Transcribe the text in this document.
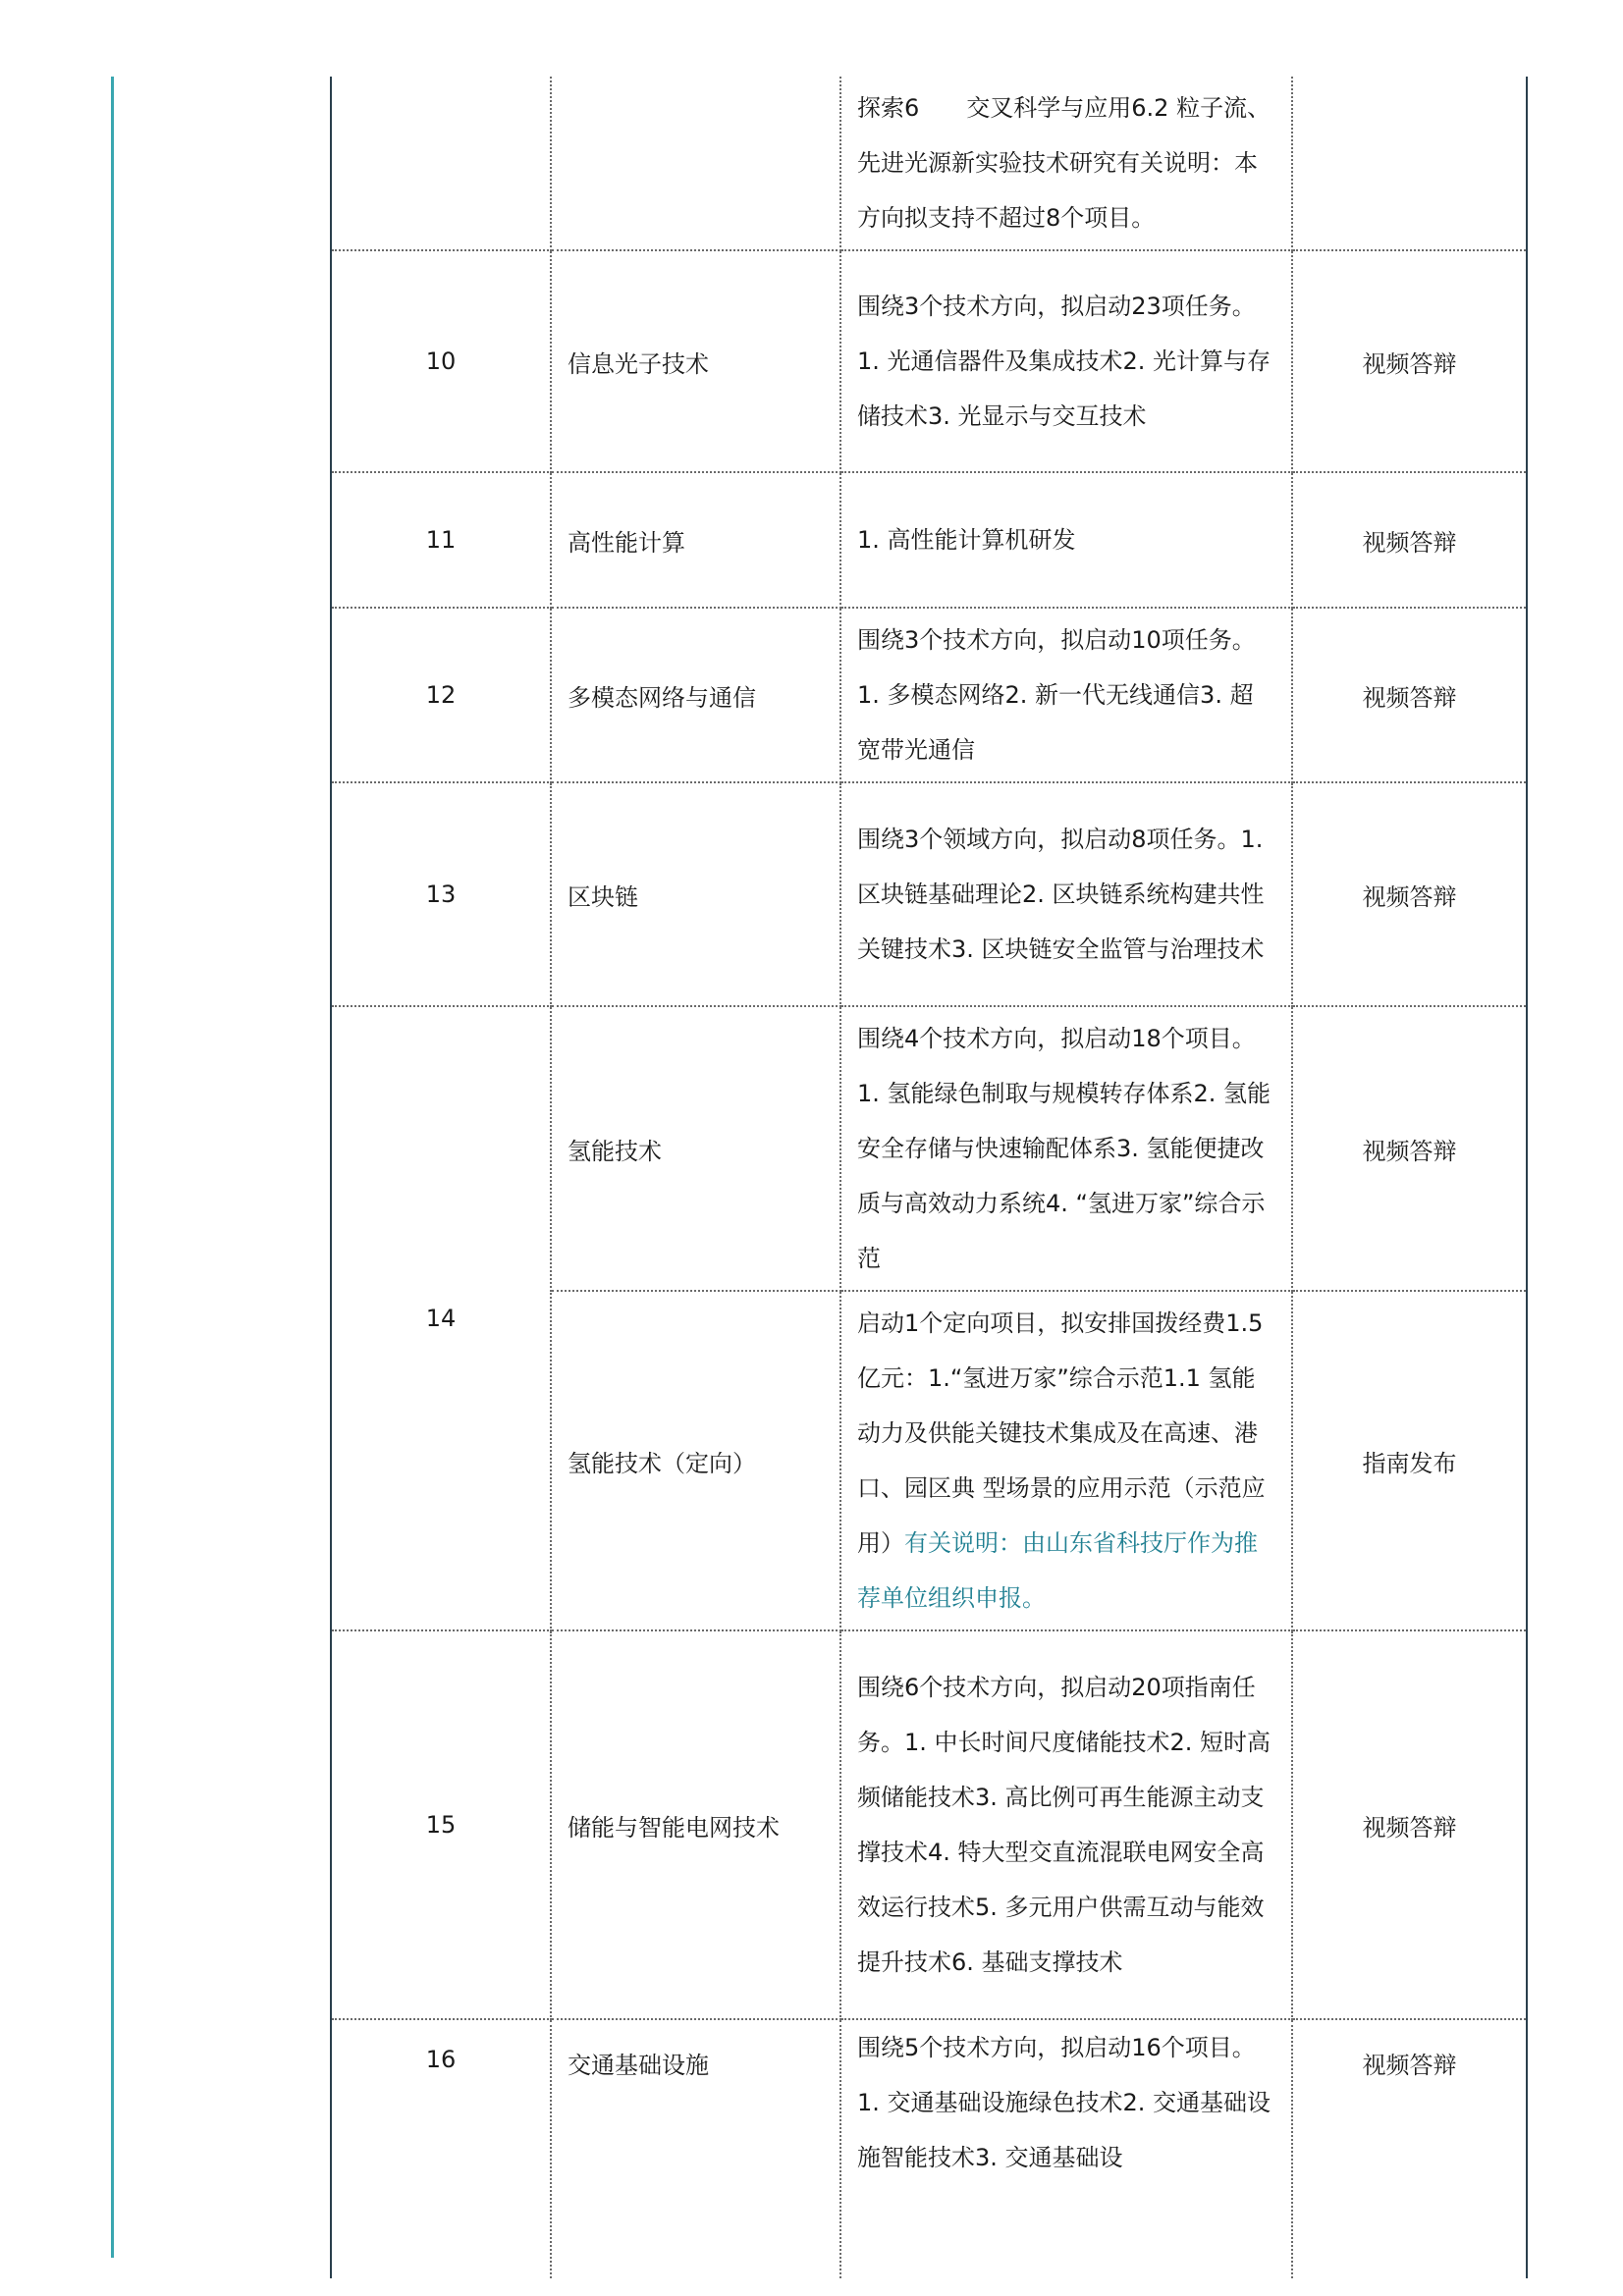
		探索6　　交叉科学与应用6.2 粒子流、先进光源新实验技术研究有关说明：本方向拟支持不超过8个项目。	
10	信息光子技术	围绕3个技术方向，拟启动23项任务。1. 光通信器件及集成技术2. 光计算与存储技术3. 光显示与交互技术	视频答辩
11	高性能计算	1. 高性能计算机研发	视频答辩
12	多模态网络与通信	围绕3个技术方向，拟启动10项任务。1. 多模态网络2. 新一代无线通信3. 超宽带光通信	视频答辩
13	区块链	围绕3个领域方向，拟启动8项任务。1. 区块链基础理论2. 区块链系统构建共性关键技术3. 区块链安全监管与治理技术	视频答辩
14	氢能技术	围绕4个技术方向，拟启动18个项目。1. 氢能绿色制取与规模转存体系2. 氢能安全存储与快速输配体系3. 氢能便捷改质与高效动力系统4. “氢进万家”综合示范	视频答辩
	氢能技术（定向）	启动1个定向项目，拟安排国拨经费1.5亿元：1.“氢进万家”综合示范1.1 氢能动力及供能关键技术集成及在高速、港口、园区典 型场景的应用示范（示范应用）有关说明：由山东省科技厅作为推荐单位组织申报。	指南发布
15	储能与智能电网技术	围绕6个技术方向，拟启动20项指南任务。1. 中长时间尺度储能技术2. 短时高频储能技术3. 高比例可再生能源主动支撑技术4. 特大型交直流混联电网安全高效运行技术5. 多元用户供需互动与能效提升技术6. 基础支撑技术	视频答辩
16	交通基础设施	围绕5个技术方向，拟启动16个项目。1. 交通基础设施绿色技术2. 交通基础设施智能技术3. 交通基础设	视频答辩
